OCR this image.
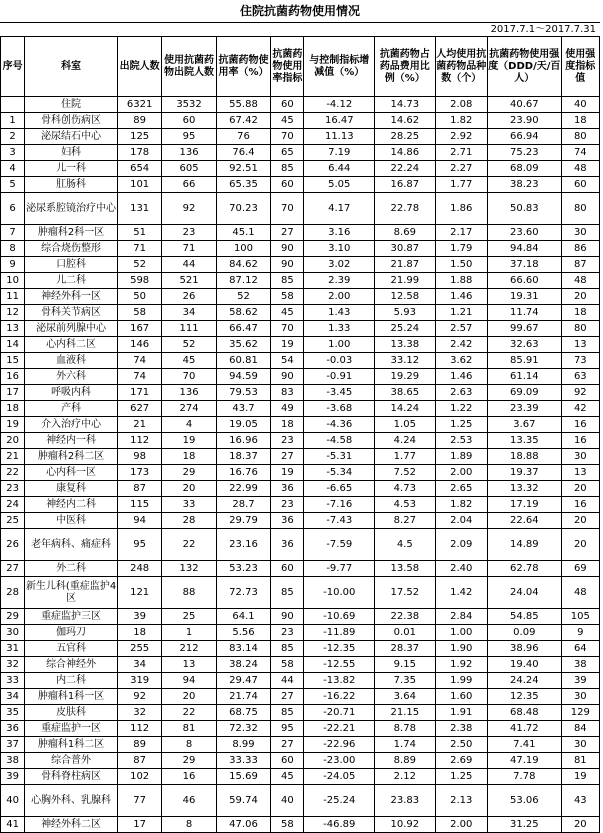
住院抗菌药物使用情况
2017.7.1～2017.7.31
序号	科室	出院人数	使用抗菌药物出院人数	抗菌药物使用率（%）	抗菌药物使用率指标	与控制指标增减值（%）	抗菌药物占药品费用比例（%）	人均使用抗菌药物品种数（个）	抗菌药物使用强度（DDD/天/百人）	使用强度指标值
	住院	6321	3532	55.88	60	-4.12	14.73	2.08	40.67	40
1	骨科创伤病区	89	60	67.42	45	16.47	14.62	1.82	23.90	18
2	泌尿结石中心	125	95	76	70	11.13	28.25	2.92	66.94	80
3	妇科	178	136	76.4	65	7.19	14.86	2.71	75.23	74
4	儿一科	654	605	92.51	85	6.44	22.24	2.27	68.09	48
5	肛肠科	101	66	65.35	60	5.05	16.87	1.77	38.23	60
6	泌尿系腔镜治疗中心	131	92	70.23	70	4.17	22.78	1.86	50.83	80
7	肿瘤科2科一区	51	23	45.1	27	3.16	8.69	2.17	23.60	30
8	综合烧伤整形	71	71	100	90	3.10	30.87	1.79	94.84	86
9	口腔科	52	44	84.62	90	3.02	21.87	1.50	37.18	87
10	儿二科	598	521	87.12	85	2.39	21.99	1.88	66.60	48
11	神经外科一区	50	26	52	58	2.00	12.58	1.46	19.31	20
12	骨科关节病区	58	34	58.62	45	1.43	5.93	1.21	11.74	18
13	泌尿前列腺中心	167	111	66.47	70	1.33	25.24	2.57	99.67	80
14	心内科二区	146	52	35.62	19	1.00	13.38	2.42	32.63	13
15	血液科	74	45	60.81	54	-0.03	33.12	3.62	85.91	73
16	外六科	74	70	94.59	90	-0.91	19.29	1.46	61.14	63
17	呼吸内科	171	136	79.53	83	-3.45	38.65	2.63	69.09	92
18	产科	627	274	43.7	49	-3.68	14.24	1.22	23.39	42
19	介入治疗中心	21	4	19.05	18	-4.36	1.05	1.25	3.67	16
20	神经内一科	112	19	16.96	23	-4.58	4.24	2.53	13.35	16
21	肿瘤科2科二区	98	18	18.37	27	-5.31	1.77	1.89	18.88	30
22	心内科一区	173	29	16.76	19	-5.34	7.52	2.00	19.37	13
23	康复科	87	20	22.99	36	-6.65	4.73	2.65	13.32	20
24	神经内二科	115	33	28.7	23	-7.16	4.53	1.82	17.19	16
25	中医科	94	28	29.79	36	-7.43	8.27	2.04	22.64	20
26	老年病科、痛症科	95	22	23.16	36	-7.59	4.5	2.09	14.89	20
27	外二科	248	132	53.23	60	-9.77	13.58	2.40	62.78	69
28	新生儿科(重症监护4区	121	88	72.73	85	-10.00	17.52	1.42	24.04	48
29	重症监护三区	39	25	64.1	90	-10.69	22.38	2.84	54.85	105
30	伽玛刀	18	1	5.56	23	-11.89	0.01	1.00	0.09	9
31	五官科	255	212	83.14	85	-12.35	28.37	1.90	38.96	64
32	综合神经外	34	13	38.24	58	-12.55	9.15	1.92	19.40	38
33	内二科	319	94	29.47	44	-13.82	7.35	1.99	24.24	39
34	肿瘤科1科一区	92	20	21.74	27	-16.22	3.64	1.60	12.35	30
35	皮肤科	32	22	68.75	85	-20.71	21.15	1.91	68.48	129
36	重症监护一区	112	81	72.32	95	-22.21	8.78	2.38	41.72	84
37	肿瘤科1科二区	89	8	8.99	27	-22.96	1.74	2.50	7.41	30
38	综合普外	87	29	33.33	60	-23.00	8.89	2.69	47.19	81
39	骨科脊柱病区	102	16	15.69	45	-24.05	2.12	1.25	7.78	19
40	心胸外科、乳腺科	77	46	59.74	40	-25.24	23.83	2.13	53.06	43
41	神经外科二区	17	8	47.06	58	-46.89	10.92	2.00	31.25	20
